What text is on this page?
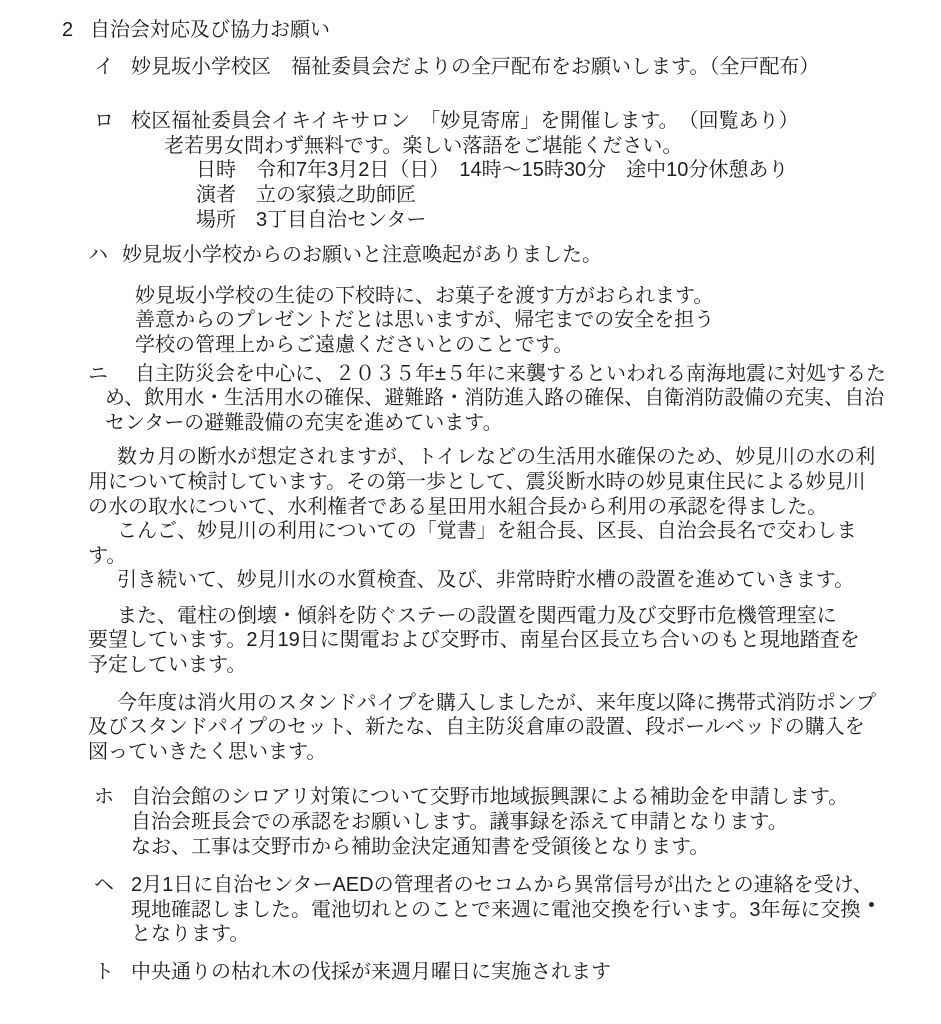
2 自治会対応及び協力お願い
イ 妙見坂小学校区　福祉委員会だよりの全戸配布をお願いします。（全戸配布）
ロ 校区福祉委員会イキイキサロン　「妙見寄席」を開催します。　（回覧あり）
老若男女問わず無料です。楽しい落語をご堪能ください。
日時　令和7年3月2日（日）　14時～15時30分　途中10分休憩あり
演者　立の家猿之助師匠
場所　3丁目自治センター
ハ 妙見坂小学校からのお願いと注意喚起がありました。
妙見坂小学校の生徒の下校時に、お菓子を渡す方がおられます。
善意からのプレゼントだとは思いますが、帰宅までの安全を担う
学校の管理上からご遠慮くださいとのことです。
ニ	自主防災会を中心に、２０３５年±５年に来襲するといわれる南海地震に対処するた
め、飲用水・生活用水の確保、避難路・消防進入路の確保、自衛消防設備の充実、自治
センターの避難設備の充実を進めています。
数カ月の断水が想定されますが、トイレなどの生活用水確保のため、妙見川の水の利
用について検討しています。その第一歩として、震災断水時の妙見東住民による妙見川
の水の取水について、水利権者である星田用水組合長から利用の承認を得ました。
こんご、妙見川の利用についての「覚書」を組合長、区長、自治会長名で交わしま
す。
引き続いて、妙見川水の水質検査、及び、非常時貯水槽の設置を進めていきます。
また、電柱の倒壊・傾斜を防ぐステーの設置を関西電力及び交野市危機管理室に
要望しています。2月19日に関電および交野市、南星台区長立ち合いのもと現地踏査を
予定しています。
今年度は消火用のスタンドパイプを購入しましたが、来年度以降に携帯式消防ポンプ
及びスタンドパイプのセット、新たな、自主防災倉庫の設置、段ボールベッドの購入を
図っていきたく思います。
ホ 自治会館のシロアリ対策について交野市地域振興課による補助金を申請します。
自治会班長会での承認をお願いします。議事録を添えて申請となります。
なお、工事は交野市から補助金決定通知書を受領後となります。
ヘ 2月1日に自治センターAEDの管理者のセコムから異常信号が出たとの連絡を受け、
現地確認しました。電池切れとのことで来週に電池交換を行います。3年毎に交換
となります。
ト 中央通りの枯れ木の伐採が来週月曜日に実施されます
